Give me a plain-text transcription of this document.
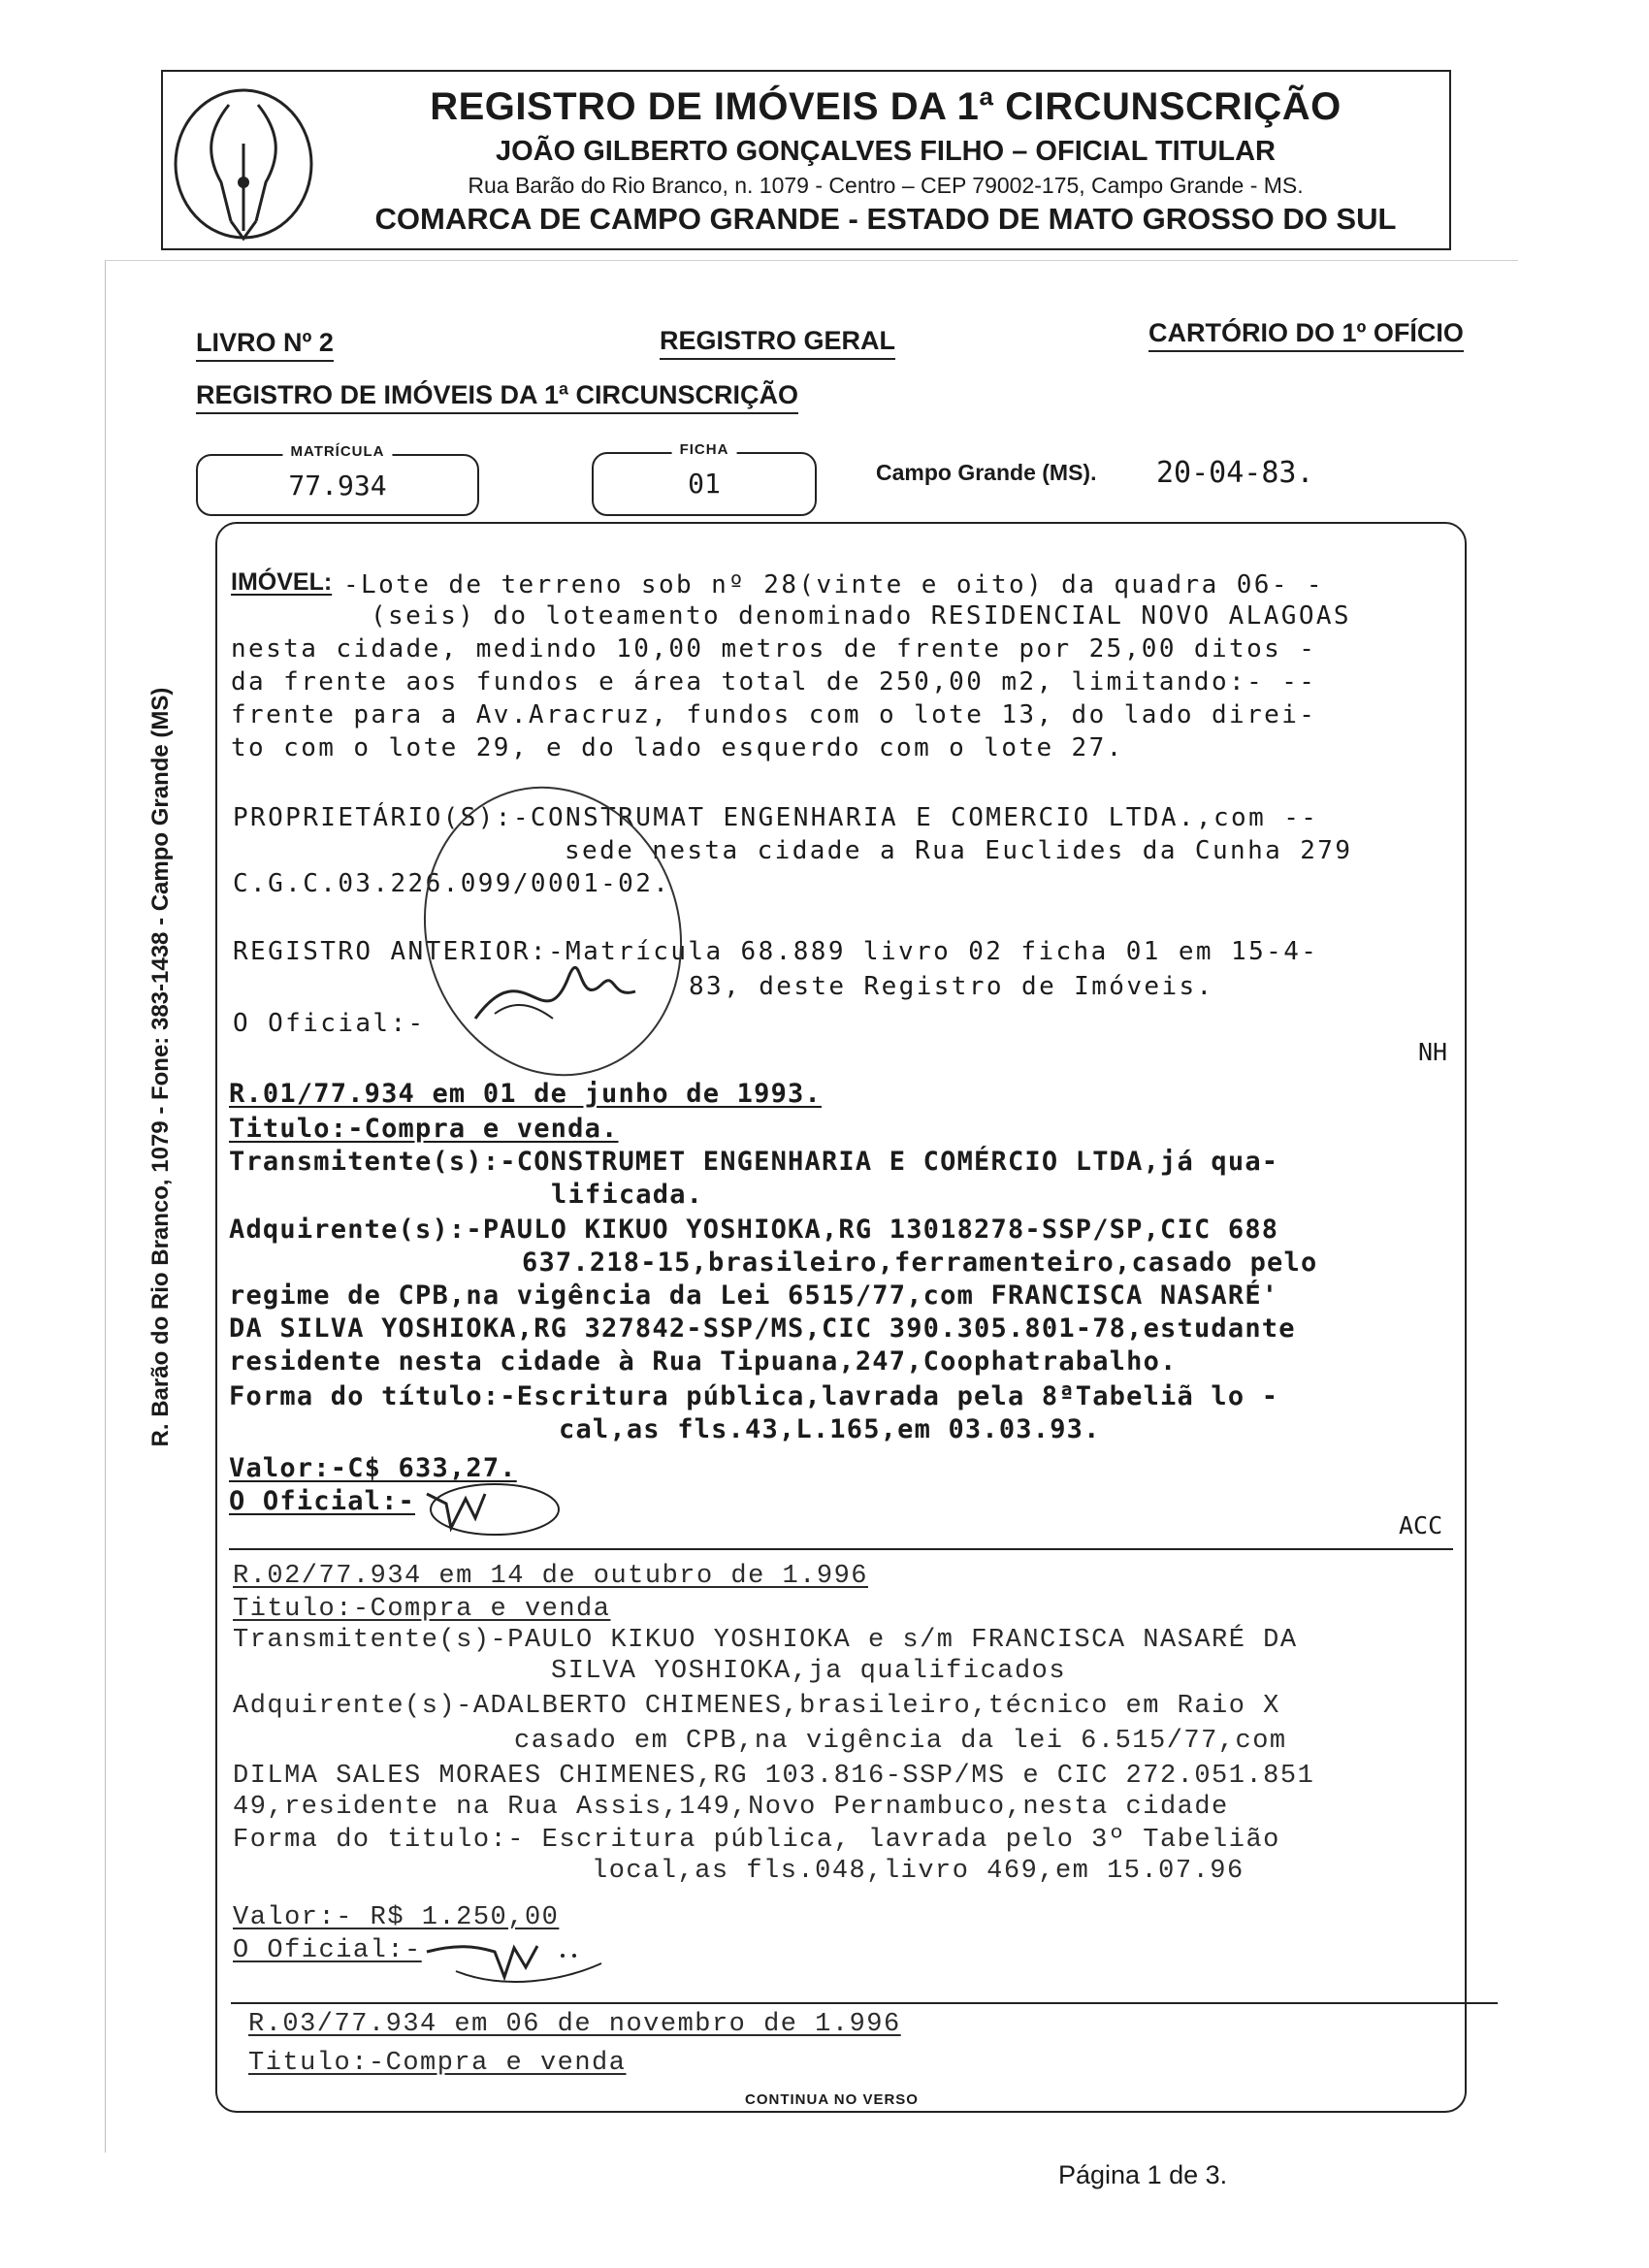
REGISTRO DE IMÓVEIS DA 1ª CIRCUNSCRIÇÃO
JOÃO GILBERTO GONÇALVES FILHO – OFICIAL TITULAR
Rua Barão do Rio Branco, n. 1079 - Centro – CEP 79002-175, Campo Grande - MS.
COMARCA DE CAMPO GRANDE - ESTADO DE MATO GROSSO DO SUL
R. Barão do Rio Branco, 1079 - Fone: 383-1438 - Campo Grande (MS)
LIVRO Nº 2	REGISTRO GERAL	CARTÓRIO DO 1º OFÍCIO
REGISTRO DE IMÓVEIS DA 1ª CIRCUNSCRIÇÃO
MATRÍCULA
77.934
FICHA
01	Campo Grande (MS). 20-04-83.
IMÓVEL: -Lote de terreno sob nº 28(vinte e oito) da quadra 06- -
(seis) do loteamento denominado RESIDENCIAL NOVO ALAGOAS
nesta cidade, medindo 10,00 metros de frente por 25,00 ditos -
da frente aos fundos e área total de 250,00 m2, limitando:- --
frente para a Av.Aracruz, fundos com o lote 13, do lado direi-
to com o lote 29, e do lado esquerdo com o lote 27.
PROPRIETÁRIO(S):-CONSTRUMAT ENGENHARIA E COMERCIO LTDA.,com --
sede nesta cidade a Rua Euclides da Cunha 279
C.G.C.03.226.099/0001-02.
REGISTRO ANTERIOR:-Matrícula 68.889 livro 02 ficha 01 em 15-4-
83, deste Registro de Imóveis.
O Oficial:-
NH
R.01/77.934 em 01 de junho de 1993.
Titulo:-Compra e venda.
Transmitente(s):-CONSTRUMET ENGENHARIA E COMÉRCIO LTDA,já qua-
lificada.
Adquirente(s):-PAULO KIKUO YOSHIOKA,RG 13018278-SSP/SP,CIC 688
637.218-15,brasileiro,ferramenteiro,casado pelo
regime de CPB,na vigência da Lei 6515/77,com FRANCISCA NASARÉ'
DA SILVA YOSHIOKA,RG 327842-SSP/MS,CIC 390.305.801-78,estudante
residente nesta cidade à Rua Tipuana,247,Coophatrabalho.
Forma do título:-Escritura pública,lavrada pela 8ªTabeliã lo -
cal,as fls.43,L.165,em 03.03.93.
Valor:-C$ 633,27.
O Oficial:-
ACC
R.02/77.934 em 14 de outubro de 1.996
Titulo:-Compra e venda
Transmitente(s)-PAULO KIKUO YOSHIOKA e s/m FRANCISCA NASARÉ DA
SILVA YOSHIOKA,ja qualificados
Adquirente(s)-ADALBERTO CHIMENES,brasileiro,técnico em Raio X
casado em CPB,na vigência da lei 6.515/77,com
DILMA SALES MORAES CHIMENES,RG 103.816-SSP/MS e CIC 272.051.851
49,residente na Rua Assis,149,Novo Pernambuco,nesta cidade
Forma do titulo:- Escritura pública, lavrada pelo 3º Tabelião
local,as fls.048,livro 469,em 15.07.96
Valor:- R$ 1.250,00
O Oficial:-
R.03/77.934 em 06 de novembro de 1.996
Titulo:-Compra e venda
CONTINUA NO VERSO
Página 1 de 3.
